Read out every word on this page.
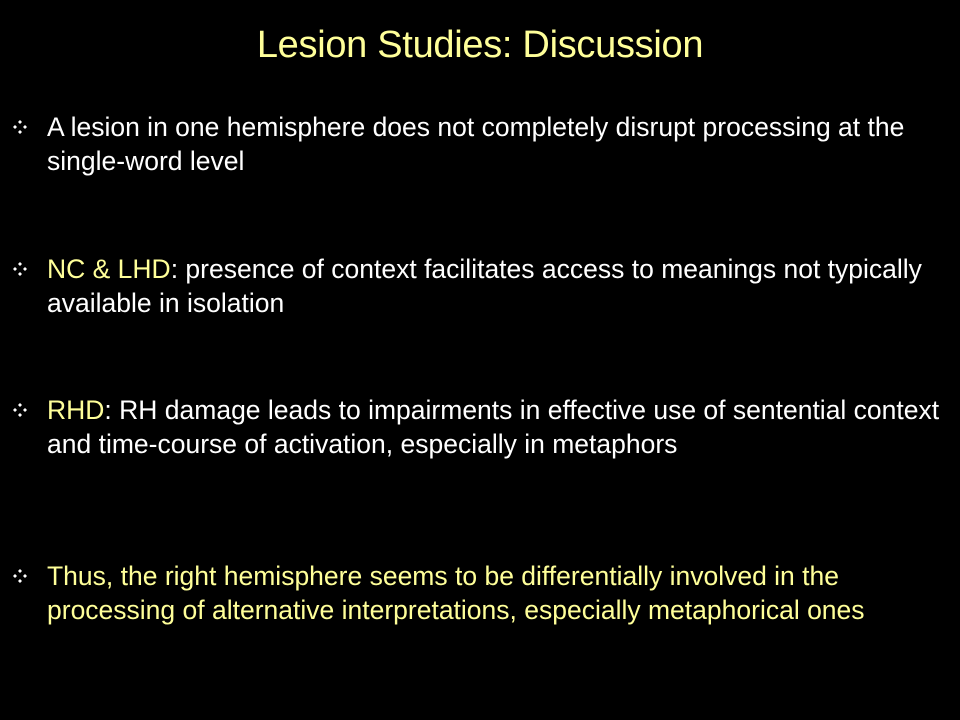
Lesion Studies: Discussion
A lesion in one hemisphere does not completely disrupt processing at the single-word level
NC & LHD: presence of context facilitates access to meanings not typically available in isolation
RHD: RH damage leads to impairments in effective use of sentential context and time-course of activation, especially in metaphors
Thus, the right hemisphere seems to be differentially involved in the processing of alternative interpretations, especially metaphorical ones
